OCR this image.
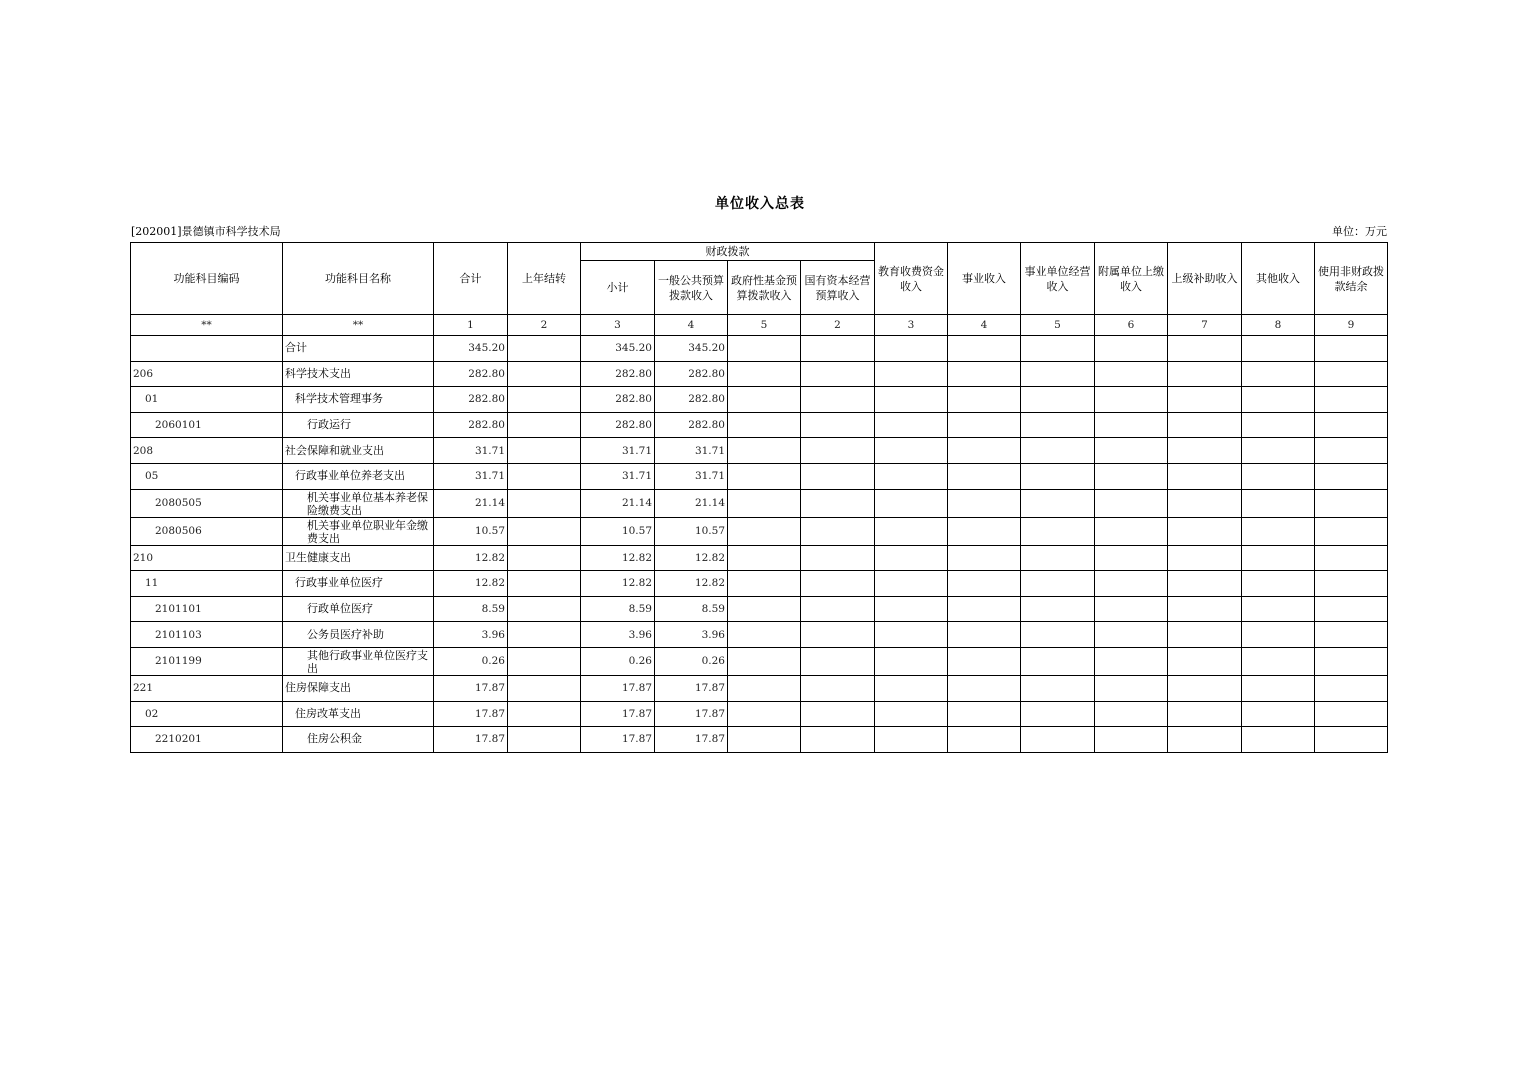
单位收入总表
[202001]景德镇市科学技术局	单位：万元
功能科目编码	功能科目名称	合计	上年结转	财政拨款				教育收费资金收入	事业收入	事业单位经营收入	附属单位上缴收入	上级补助收入	其他收入	使用非财政拨款结余
				小计	一般公共预算拨款收入	政府性基金预算拨款收入	国有资本经营预算收入							
**	**	1	2	3	4	5	2	3	4	5	6	7	8	9
	合计	345.20		345.20	345.20									
206	科学技术支出	282.80		282.80	282.80									
01	科学技术管理事务	282.80		282.80	282.80									
2060101	行政运行	282.80		282.80	282.80									
208	社会保障和就业支出	31.71		31.71	31.71									
05	行政事业单位养老支出	31.71		31.71	31.71									
2080505	机关事业单位基本养老保险缴费支出	21.14		21.14	21.14									
2080506	机关事业单位职业年金缴费支出	10.57		10.57	10.57									
210	卫生健康支出	12.82		12.82	12.82									
11	行政事业单位医疗	12.82		12.82	12.82									
2101101	行政单位医疗	8.59		8.59	8.59									
2101103	公务员医疗补助	3.96		3.96	3.96									
2101199	其他行政事业单位医疗支出	0.26		0.26	0.26									
221	住房保障支出	17.87		17.87	17.87									
02	住房改革支出	17.87		17.87	17.87									
2210201	住房公积金	17.87		17.87	17.87									
